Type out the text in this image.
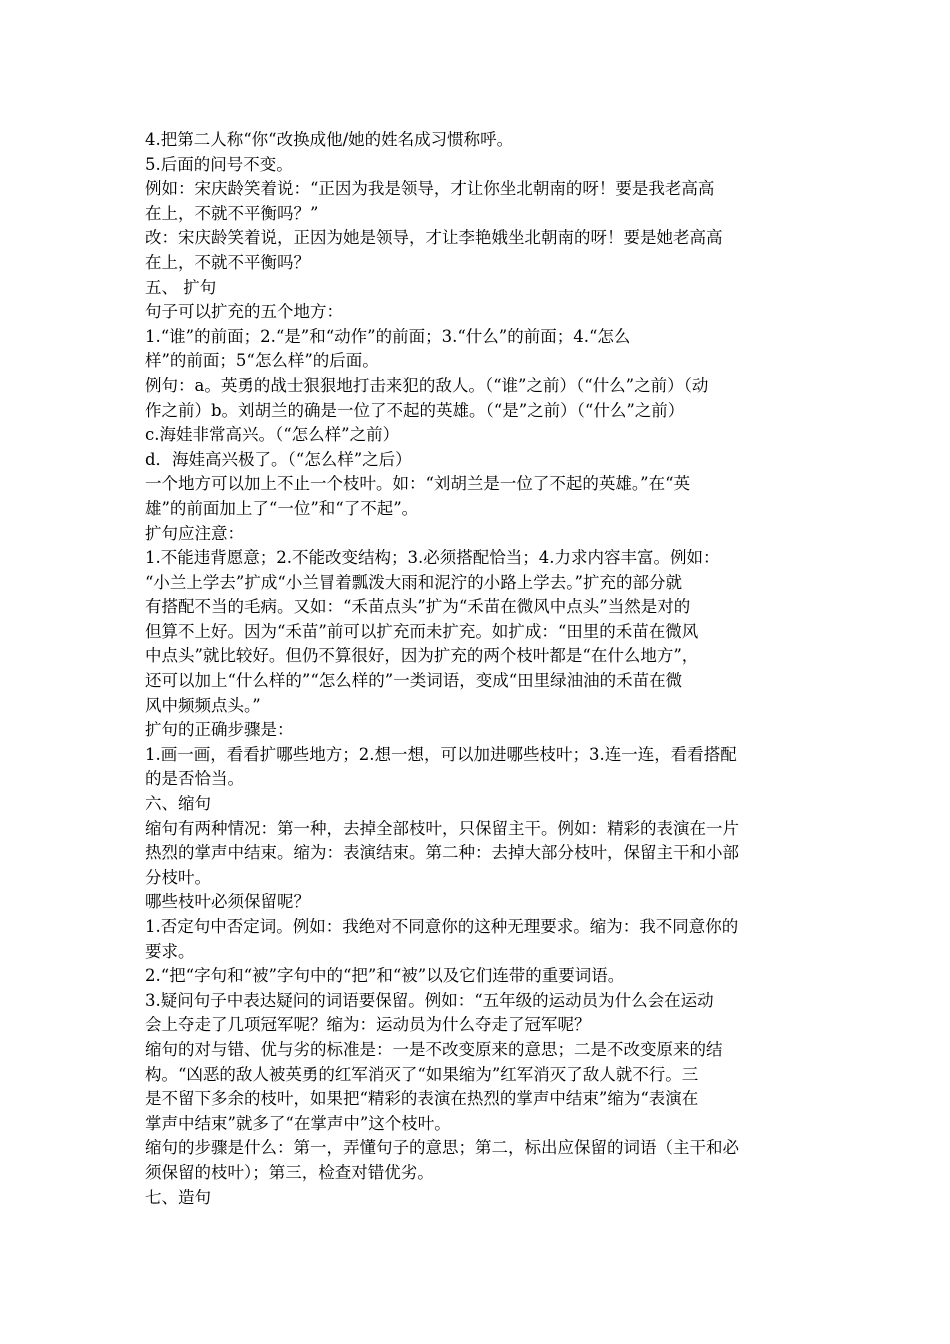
4.把第二人称“你“改换成他/她的姓名成习惯称呼。
5.后面的问号不变。
例如：宋庆龄笑着说：“正因为我是领导，才让你坐北朝南的呀！要是我老高高
在上，不就不平衡吗？”
改：宋庆龄笑着说，正因为她是领导，才让李艳娥坐北朝南的呀！要是她老高高
在上，不就不平衡吗？
五、 扩句
句子可以扩充的五个地方：
1.“谁”的前面；2.“是”和“动作”的前面；3.“什么”的前面；4.“怎么
样”的前面；5“怎么样”的后面。
例句：a。英勇的战士狠狠地打击来犯的敌人。（“谁”之前）（“什么”之前）（动
作之前）b。刘胡兰的确是一位了不起的英雄。（“是”之前）（“什么”之前）
c.海娃非常高兴。（“怎么样”之前）
d．海娃高兴极了。（“怎么样”之后）
一个地方可以加上不止一个枝叶。如：“刘胡兰是一位了不起的英雄。”在“英
雄”的前面加上了“一位”和“了不起”。
扩句应注意：
1.不能违背愿意；2.不能改变结构；3.必须搭配恰当；4.力求内容丰富。例如：
“小兰上学去”扩成“小兰冒着瓢泼大雨和泥泞的小路上学去。”扩充的部分就
有搭配不当的毛病。又如：“禾苗点头”扩为“禾苗在微风中点头”当然是对的
但算不上好。因为“禾苗”前可以扩充而未扩充。如扩成：“田里的禾苗在微风
中点头”就比较好。但仍不算很好，因为扩充的两个枝叶都是“在什么地方”，
还可以加上“什么样的”“怎么样的”一类词语，变成“田里绿油油的禾苗在微
风中频频点头。”
扩句的正确步骤是：
1.画一画，看看扩哪些地方；2.想一想，可以加进哪些枝叶；3.连一连，看看搭配
的是否恰当。
六、缩句
缩句有两种情况：第一种，去掉全部枝叶，只保留主干。例如：精彩的表演在一片
热烈的掌声中结束。缩为：表演结束。第二种：去掉大部分枝叶，保留主干和小部
分枝叶。
哪些枝叶必须保留呢？
1.否定句中否定词。例如：我绝对不同意你的这种无理要求。缩为：我不同意你的
要求。
2.“把“字句和“被”字句中的“把”和“被”以及它们连带的重要词语。
3.疑问句子中表达疑问的词语要保留。例如：“五年级的运动员为什么会在运动
会上夺走了几项冠军呢？缩为：运动员为什么夺走了冠军呢？
缩句的对与错、优与劣的标准是：一是不改变原来的意思；二是不改变原来的结
构。“凶恶的敌人被英勇的红军消灭了“如果缩为”红军消灭了敌人就不行。三
是不留下多余的枝叶，如果把“精彩的表演在热烈的掌声中结束”缩为“表演在
掌声中结束”就多了“在掌声中”这个枝叶。
缩句的步骤是什么：第一，弄懂句子的意思；第二，标出应保留的词语（主干和必
须保留的枝叶）；第三，检查对错优劣。
七、造句
